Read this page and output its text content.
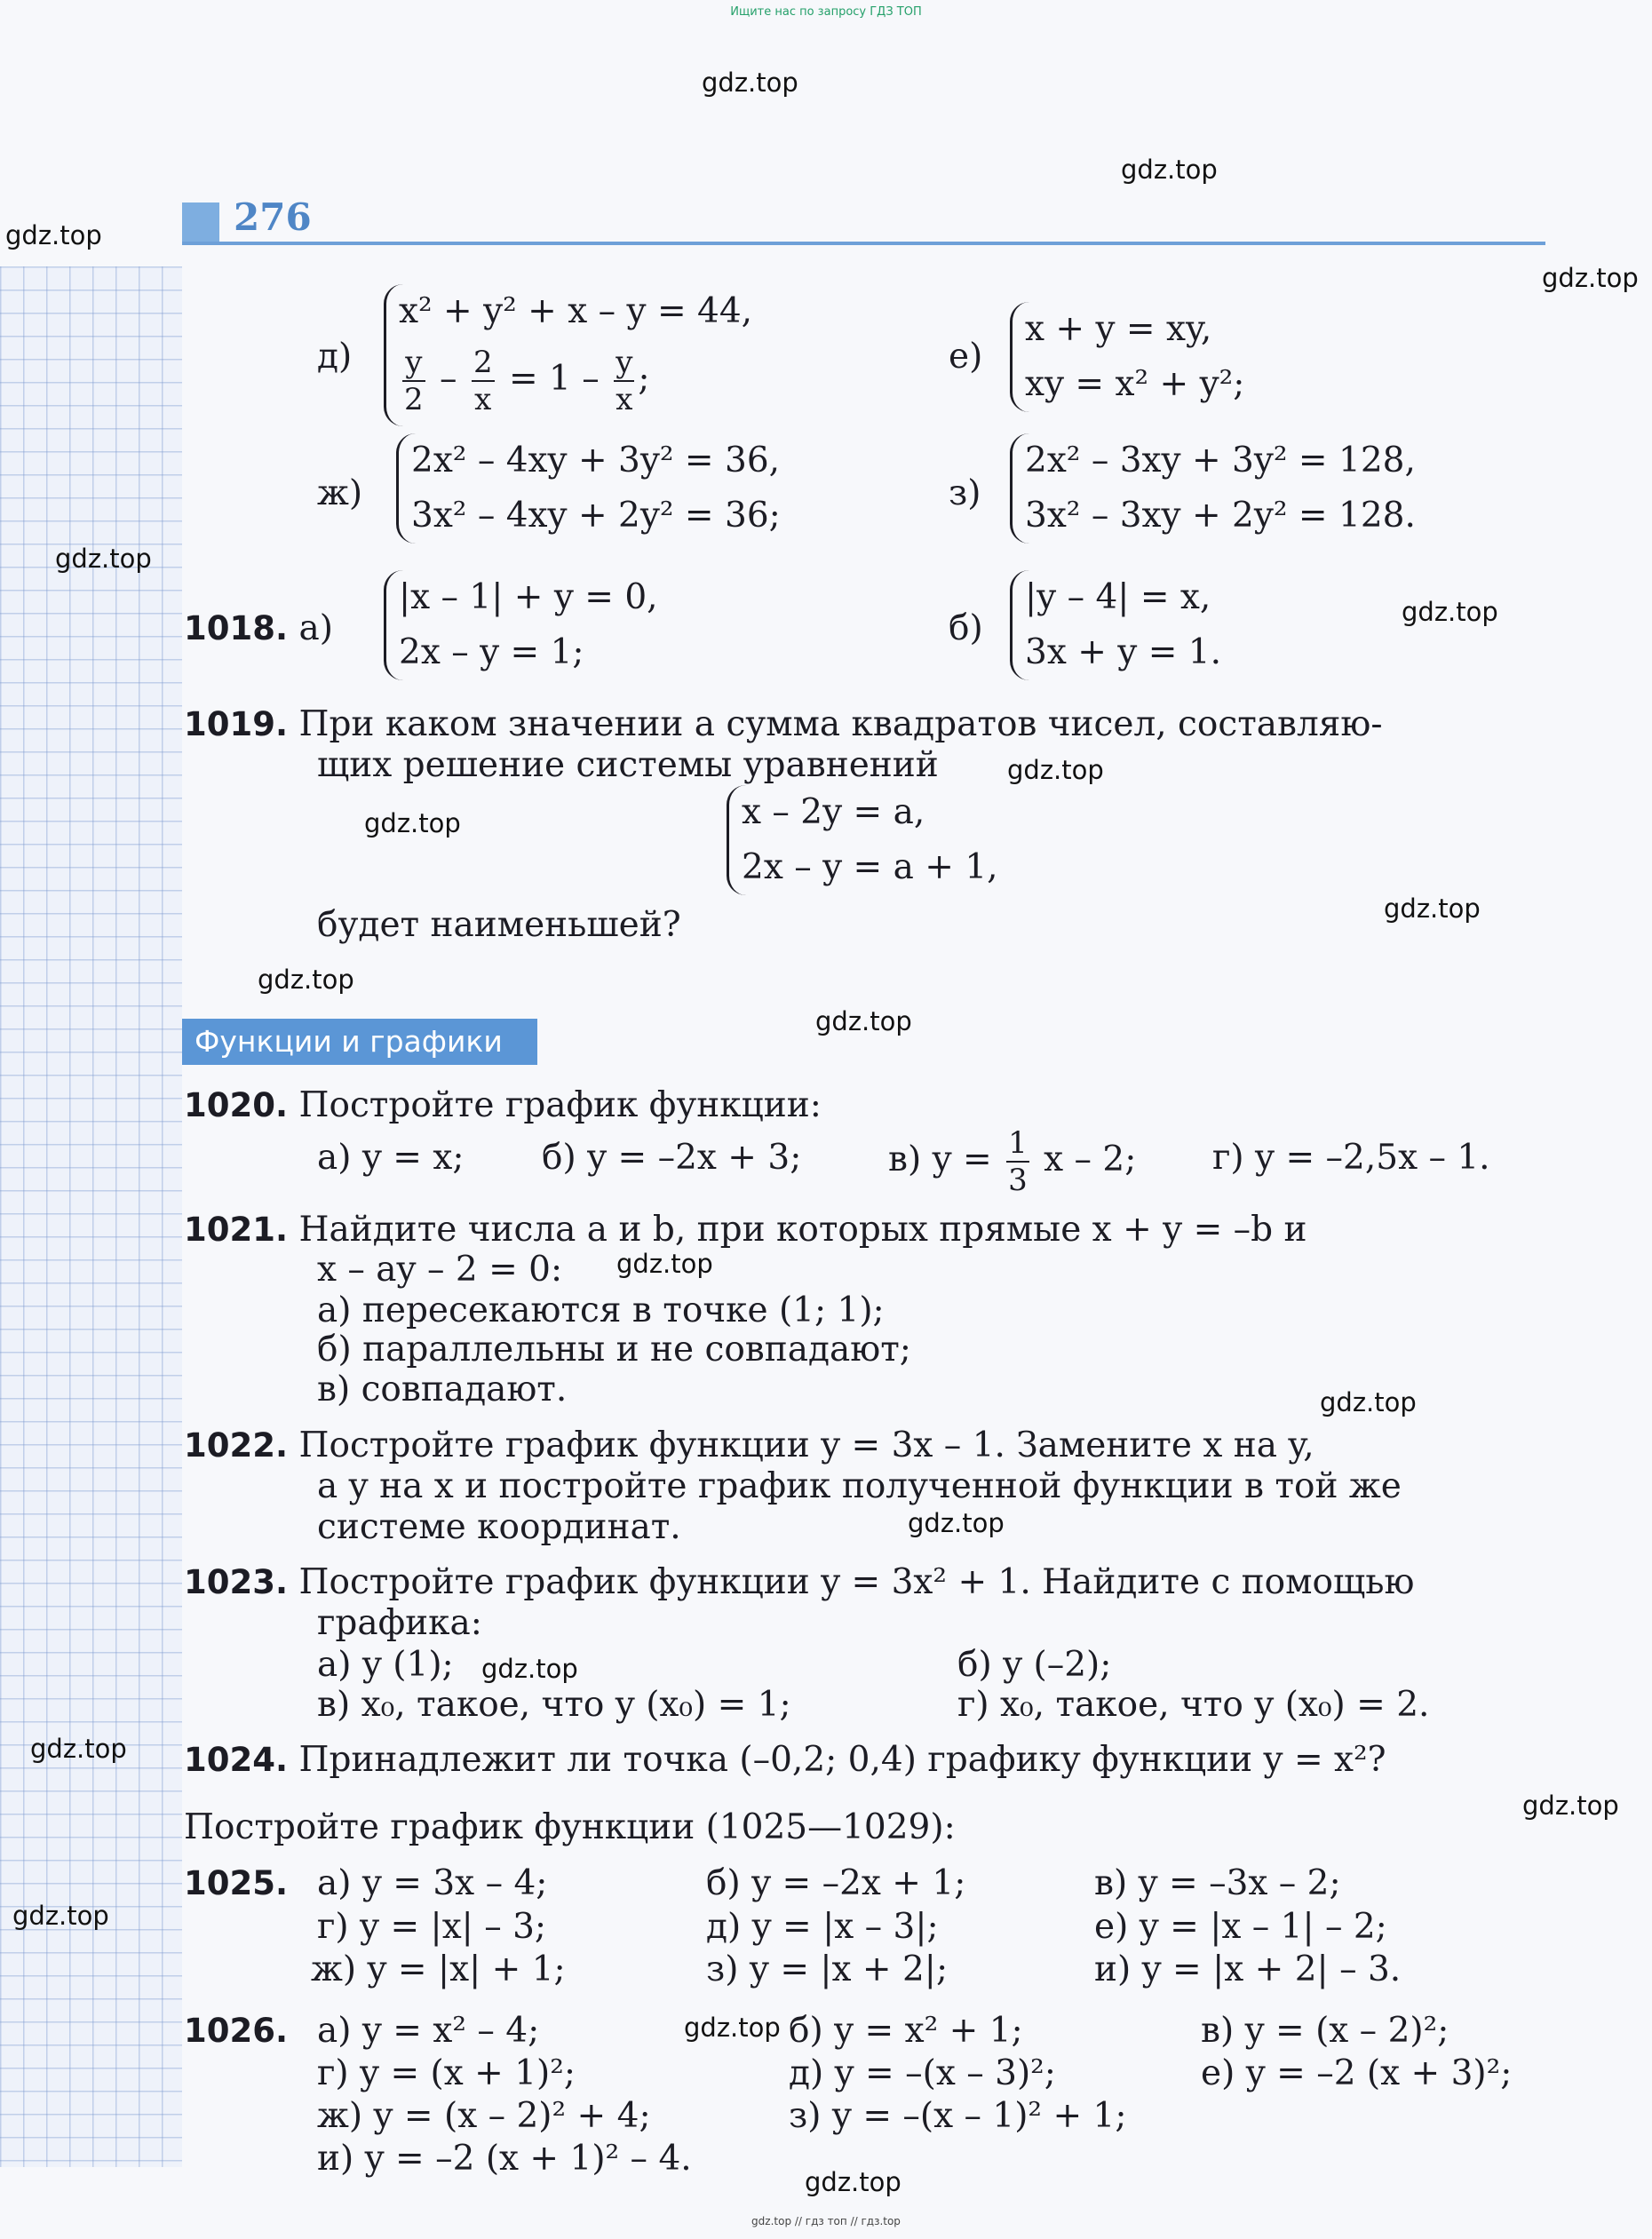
Ищите нас по запросу ГДЗ ТОП
276
д)
x² + y² + x – y = 44,
$\frac{y}{2} - \frac{2}{x} = 1 - \frac{y}{x}$ ;
е)
x + y = xy,
xy = x² + y²;
ж)
2x² – 4xy + 3y² = 36,
3x² – 4xy + 2y² = 36;
з)
2x² – 3xy + 3y² = 128,
3x² – 3xy + 2y² = 128.
1018. а)
|x – 1| + y = 0,
2x – y = 1;
б)
|y – 4| = x,
3x + y = 1.
1019. При каком значении a сумма квадратов чисел, составляю-
щих решение системы уравнений
x – 2y = a,
2x – y = a + 1,
будет наименьшей?
Функции и графики
1020. Постройте график функции:
а) y = x; б) y = –2x + 3;	в) $y = \frac{1}{3}$ x – 2; г) y = –2,5x – 1.
1021. Найдите числа a и b, при которых прямые x + y = –b и
x – ay – 2 = 0:
а) пересекаются в точке (1; 1);
б) параллельны и не совпадают;
в) совпадают.
1022. Постройте график функции y = 3x – 1. Замените x на y,
а y на x и постройте график полученной функции в той же
системе координат.
1023. Постройте график функции y = 3x² + 1. Найдите с помощью
графика:
а) y (1);	б) y (–2);
в) x₀, такое, что y (x₀) = 1;	г) x₀, такое, что y (x₀) = 2.
1024. Принадлежит ли точка (–0,2; 0,4) графику функции y = x²?
Постройте график функции (1025—1029):
1025. а) y = 3x – 4;	б) y = –2x + 1;	в) y = –3x – 2;
г) y = |x| – 3;	д) y = |x – 3|;	е) y = |x – 1| – 2;
ж) y = |x| + 1;	з) y = |x + 2|;	и) y = |x + 2| – 3.
1026. а) y = x² – 4;	б) y = x² + 1;	в) y = (x – 2)²;
г) y = (x + 1)²;	д) y = –(x – 3)²;	е) y = –2 (x + 3)²;
ж) y = (x – 2)² + 4;	з) y = –(x – 1)² + 1;
и) y = –2 (x + 1)² – 4.
gdz.top
gdz.top
gdz.top
gdz.top
gdz.top
gdz.top
gdz.top
gdz.top
gdz.top
gdz.top
gdz.top
gdz.top
gdz.top
gdz.top
gdz.top
gdz.top
gdz.top
gdz.top
gdz.top
gdz.top
gdz.top // гдз топ // гдз.top
